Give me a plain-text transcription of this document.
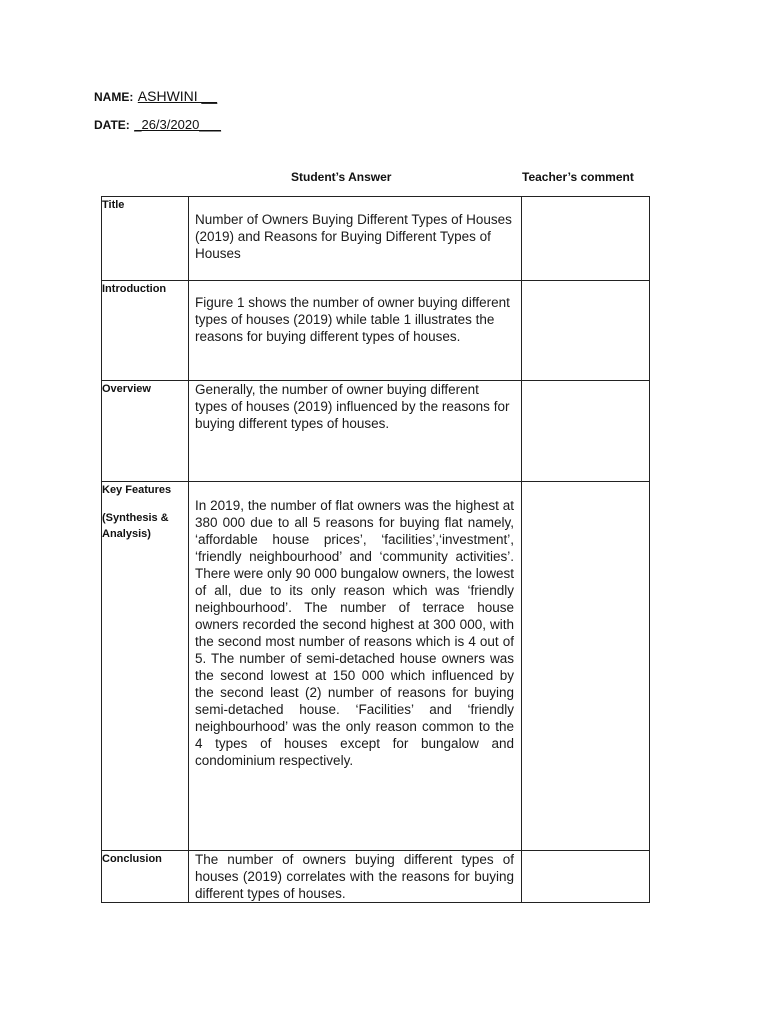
NAME: ASHWINI __
DATE: _26/3/2020___
Student’s Answer	Teacher’s comment
Title	Number of Owners Buying Different Types of Houses (2019) and Reasons for Buying Different Types of Houses	

Introduction	Figure 1 shows the number of owner buying different types of houses (2019) while table 1 illustrates the reasons for buying different types of houses.	

Overview	Generally, the number of owner buying different types of houses (2019) influenced by the reasons for buying different types of houses.	

Key Features
(Synthesis & Analysis)	In 2019, the number of flat owners was the highest at 380 000 due to all 5 reasons for buying flat namely, ‘affordable house prices’, ‘facilities’,‘investment’, ‘friendly neighbourhood’ and ‘community activities’. There were only 90 000 bungalow owners, the lowest of all, due to its only reason which was ‘friendly neighbourhood’. The number of terrace house owners recorded the second highest at 300 000, with the second most number of reasons which is 4 out of 5. The number of semi-detached house owners was the second lowest at 150 000 which influenced by the second least (2) number of reasons for buying semi-detached house. ‘Facilities’ and ‘friendly neighbourhood’ was the only reason common to the 4 types of houses except for bungalow and condominium respectively.	

Conclusion	The number of owners buying different types of houses (2019) correlates with the reasons for buying different types of houses.	
